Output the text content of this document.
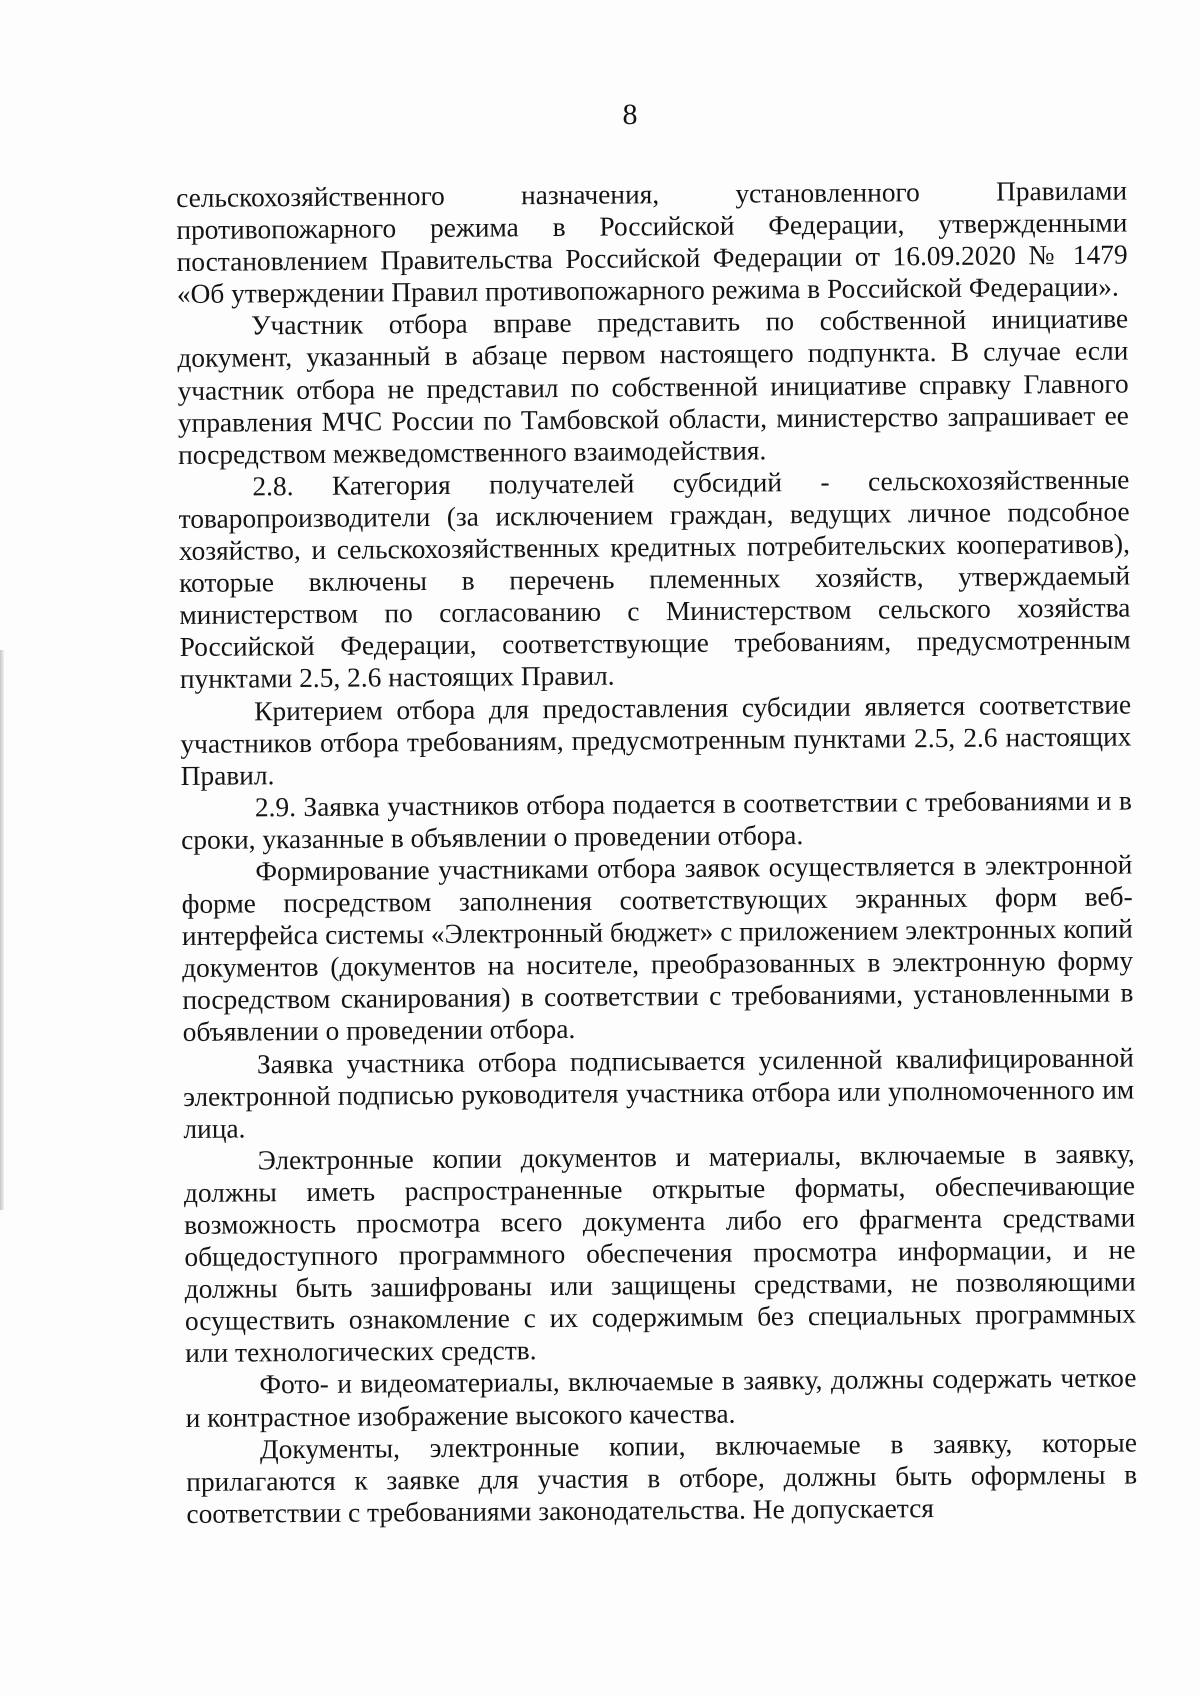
8

сельскохозяйственного назначения, установленного Правилами противопожарного режима в Российской Федерации, утвержденными постановлением Правительства Российской Федерации от 16.09.2020 № 1479 «Об утверждении Правил противопожарного режима в Российской Федерации».

Участник отбора вправе представить по собственной инициативе документ, указанный в абзаце первом настоящего подпункта. В случае если участник отбора не представил по собственной инициативе справку Главного управления МЧС России по Тамбовской области, министерство запрашивает ее посредством межведомственного взаимодействия.

2.8. Категория получателей субсидий - сельскохозяйственные товаропроизводители (за исключением граждан, ведущих личное подсобное хозяйство, и сельскохозяйственных кредитных потребительских кооперативов), которые включены в перечень племенных хозяйств, утверждаемый министерством по согласованию с Министерством сельского хозяйства Российской Федерации, соответствующие требованиям, предусмотренным пунктами 2.5, 2.6 настоящих Правил.

Критерием отбора для предоставления субсидии является соответствие участников отбора требованиям, предусмотренным пунктами 2.5, 2.6 настоящих Правил.

2.9. Заявка участников отбора подается в соответствии с требованиями и в сроки, указанные в объявлении о проведении отбора.

Формирование участниками отбора заявок осуществляется в электронной форме посредством заполнения соответствующих экранных форм веб-интерфейса системы «Электронный бюджет» с приложением электронных копий документов (документов на носителе, преобразованных в электронную форму посредством сканирования) в соответствии с требованиями, установленными в объявлении о проведении отбора.

Заявка участника отбора подписывается усиленной квалифицированной электронной подписью руководителя участника отбора или уполномоченного им лица.

Электронные копии документов и материалы, включаемые в заявку, должны иметь распространенные открытые форматы, обеспечивающие возможность просмотра всего документа либо его фрагмента средствами общедоступного программного обеспечения просмотра информации, и не должны быть зашифрованы или защищены средствами, не позволяющими осуществить ознакомление с их содержимым без специальных программных или технологических средств.

Фото- и видеоматериалы, включаемые в заявку, должны содержать четкое и контрастное изображение высокого качества.

Документы, электронные копии, включаемые в заявку, которые прилагаются к заявке для участия в отборе, должны быть оформлены в соответствии с требованиями законодательства. Не допускается
